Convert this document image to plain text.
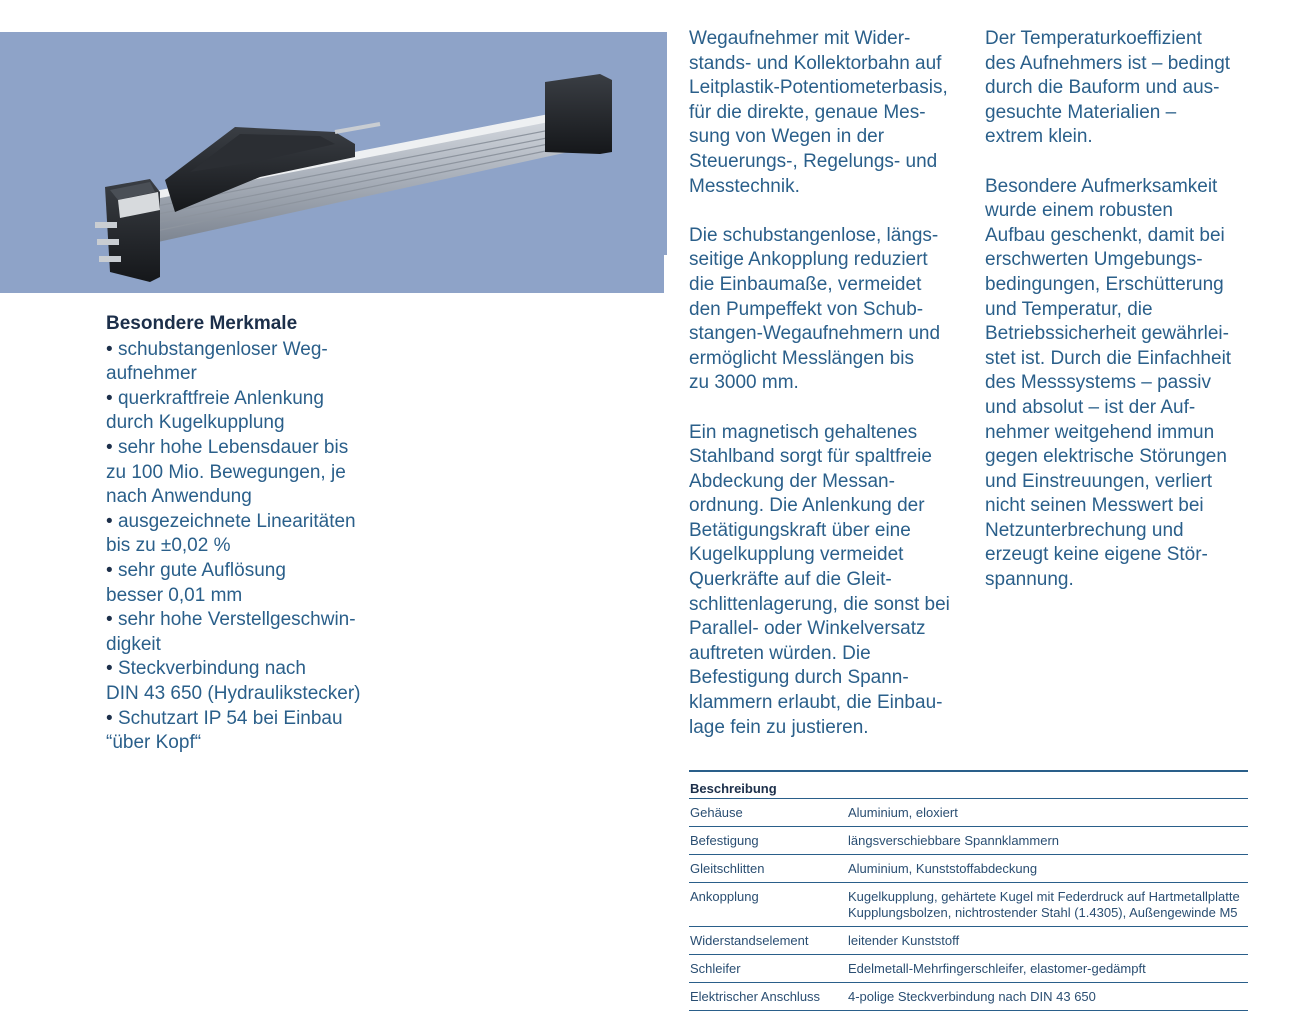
Besondere Merkmale
• schubstangenloser Weg-
aufnehmer
• querkraftfreie Anlenkung
durch Kugelkupplung
• sehr hohe Lebensdauer bis
zu 100 Mio. Bewegungen, je
nach Anwendung
• ausgezeichnete Linearitäten
bis zu ±0,02 %
• sehr gute Auflösung
besser 0,01 mm
• sehr hohe Verstellgeschwin-
digkeit
• Steckverbindung nach
DIN 43 650 (Hydraulikstecker)
• Schutzart IP 54 bei Einbau
“über Kopf“

Wegaufnehmer mit Wider-
stands- und Kollektorbahn auf
Leitplastik-Potentiometerbasis,
für die direkte, genaue Mes-
sung von Wegen in der
Steuerungs-, Regelungs- und
Messtechnik.

Die schubstangenlose, längs-
seitige Ankopplung reduziert
die Einbaumaße, vermeidet
den Pumpeffekt von Schub-
stangen-Wegaufnehmern und
ermöglicht Messlängen bis
zu 3000 mm.

Ein magnetisch gehaltenes
Stahlband sorgt für spaltfreie
Abdeckung der Messan-
ordnung. Die Anlenkung der
Betätigungskraft über eine
Kugelkupplung vermeidet
Querkräfte auf die Gleit-
schlittenlagerung, die sonst bei
Parallel- oder Winkelversatz
auftreten würden. Die
Befestigung durch Spann-
klammern erlaubt, die Einbau-
lage fein zu justieren.

Der Temperaturkoeffizient
des Aufnehmers ist – bedingt
durch die Bauform und aus-
gesuchte Materialien –
extrem klein.

Besondere Aufmerksamkeit
wurde einem robusten
Aufbau geschenkt, damit bei
erschwerten Umgebungs-
bedingungen, Erschütterung
und Temperatur, die
Betriebssicherheit gewährlei-
stet ist. Durch die Einfachheit
des Messsystems – passiv
und absolut – ist der Auf-
nehmer weitgehend immun
gegen elektrische Störungen
und Einstreuungen, verliert
nicht seinen Messwert bei
Netzunterbrechung und
erzeugt keine eigene Stör-
spannung.

Beschreibung
Gehäuse	Aluminium, eloxiert
Befestigung	längsverschiebbare Spannklammern
Gleitschlitten	Aluminium, Kunststoffabdeckung
Ankopplung	Kugelkupplung, gehärtete Kugel mit Federdruck auf Hartmetallplatte
Kupplungsbolzen, nichtrostender Stahl (1.4305), Außengewinde M5
Widerstandselement	leitender Kunststoff
Schleifer	Edelmetall-Mehrfingerschleifer, elastomer-gedämpft
Elektrischer Anschluss	4-polige Steckverbindung nach DIN 43 650
